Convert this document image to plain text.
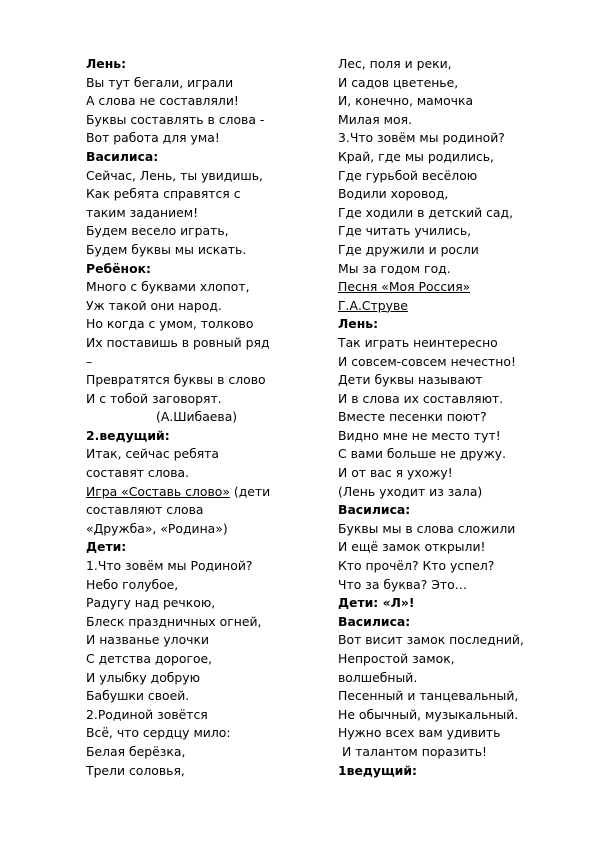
Лень:
Вы тут бегали, играли
А слова не составляли!
Буквы составлять в слова -
Вот работа для ума!
Василиса:
Сейчас, Лень, ты увидишь,
Как ребята справятся с
таким заданием!
Будем весело играть,
Будем буквы мы искать.
Ребёнок:
Много с буквами хлопот,
Уж такой они народ.
Но когда с умом, толково
Их поставишь в ровный ряд
–
Превратятся буквы в слово
И с тобой заговорят.
(А.Шибаева)
2.ведущий:
Итак, сейчас ребята
составят слова.
Игра «Составь слово» (дети
составляют слова
«Дружба», «Родина»)
Дети:
1.Что зовём мы Родиной?
Небо голубое,
Радугу над речкою,
Блеск праздничных огней,
И названье улочки
С детства дорогое,
И улыбку добрую
Бабушки своей.
2.Родиной зовётся
Всё, что сердцу мило:
Белая берёзка,
Трели соловья,
Лес, поля и реки,
И садов цветенье,
И, конечно, мамочка
Милая моя.
3.Что зовём мы родиной?
Край, где мы родились,
Где гурьбой весёлою
Водили хоровод,
Где ходили в детский сад,
Где читать учились,
Где дружили и росли
Мы за годом год.
Песня «Моя Россия»
Г.А.Струве
Лень:
Так играть неинтересно
И совсем-совсем нечестно!
Дети буквы называют
И в слова их составляют.
Вместе песенки поют?
Видно мне не место тут!
С вами больше не дружу.
И от вас я ухожу!
(Лень уходит из зала)
Василиса:
Буквы мы в слова сложили
И ещё замок открыли!
Кто прочёл? Кто успел?
Что за буква? Это…
Дети: «Л»!
Василиса:
Вот висит замок последний,
Непростой замок,
волшебный.
Песенный и танцевальный,
Не обычный, музыкальный.
Нужно всех вам удивить
И талантом поразить!
1ведущий:
